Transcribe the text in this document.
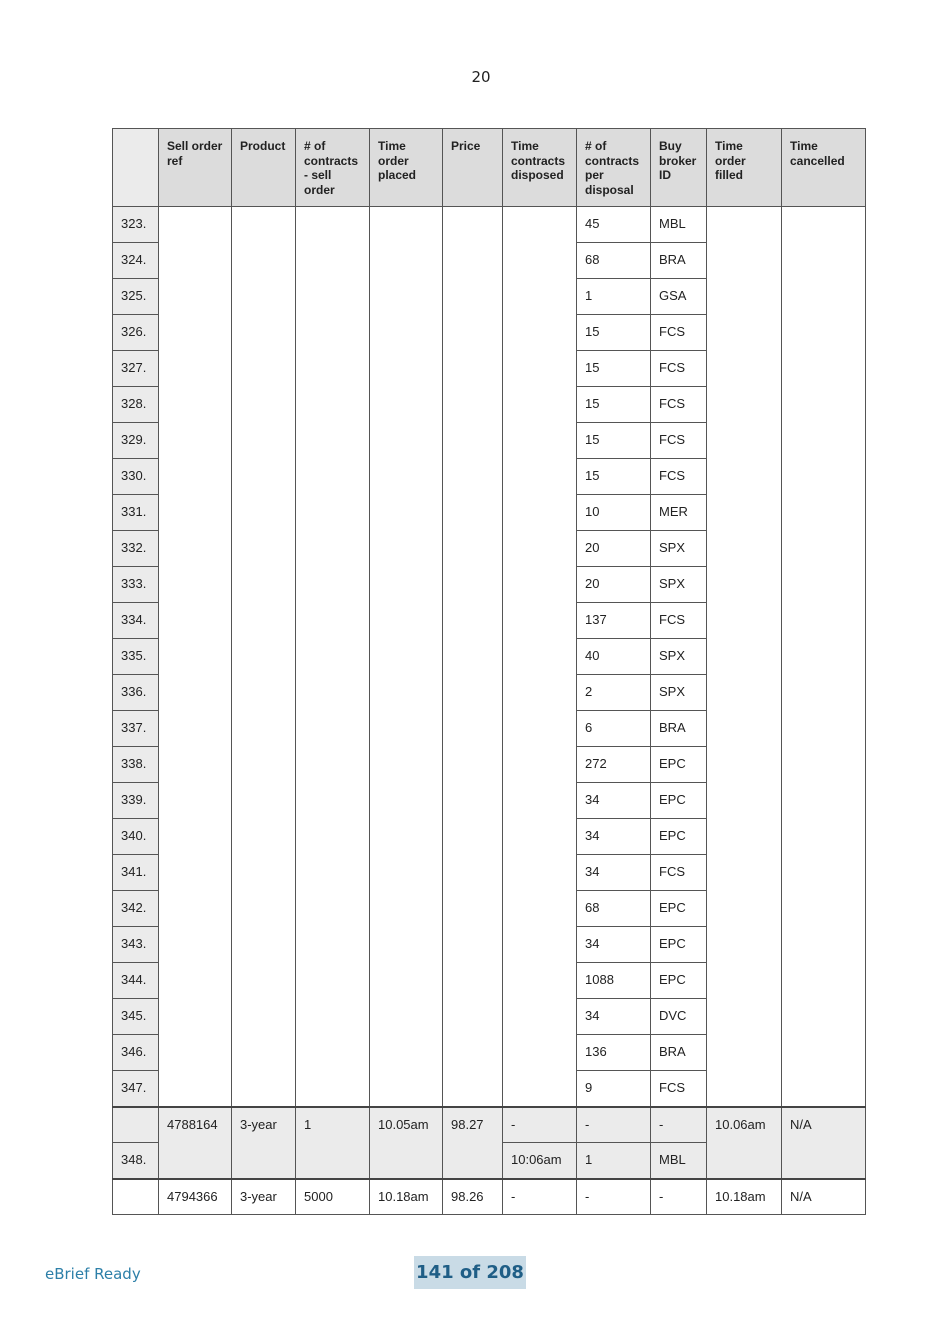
20
	Sell order ref	Product	# of contracts - sell order	Time order placed	Price	Time contracts disposed	# of contracts per disposal	Buy broker ID	Time order filled	Time cancelled
323.							45	MBL		
324.							68	BRA		
325.							1	GSA		
326.							15	FCS		
327.							15	FCS		
328.							15	FCS		
329.							15	FCS		
330.							15	FCS		
331.							10	MER		
332.							20	SPX		
333.							20	SPX		
334.							137	FCS		
335.							40	SPX		
336.							2	SPX		
337.							6	BRA		
338.							272	EPC		
339.							34	EPC		
340.							34	EPC		
341.							34	FCS		
342.							68	EPC		
343.							34	EPC		
344.							1088	EPC		
345.							34	DVC		
346.							136	BRA		
347.							9	FCS		
	4788164	3-year	1	10.05am	98.27	-	-	-	10.06am	N/A
348.						10:06am	1	MBL		
	4794366	3-year	5000	10.18am	98.26	-	-	-	10.18am	N/A
eBrief Ready	141 of 208
